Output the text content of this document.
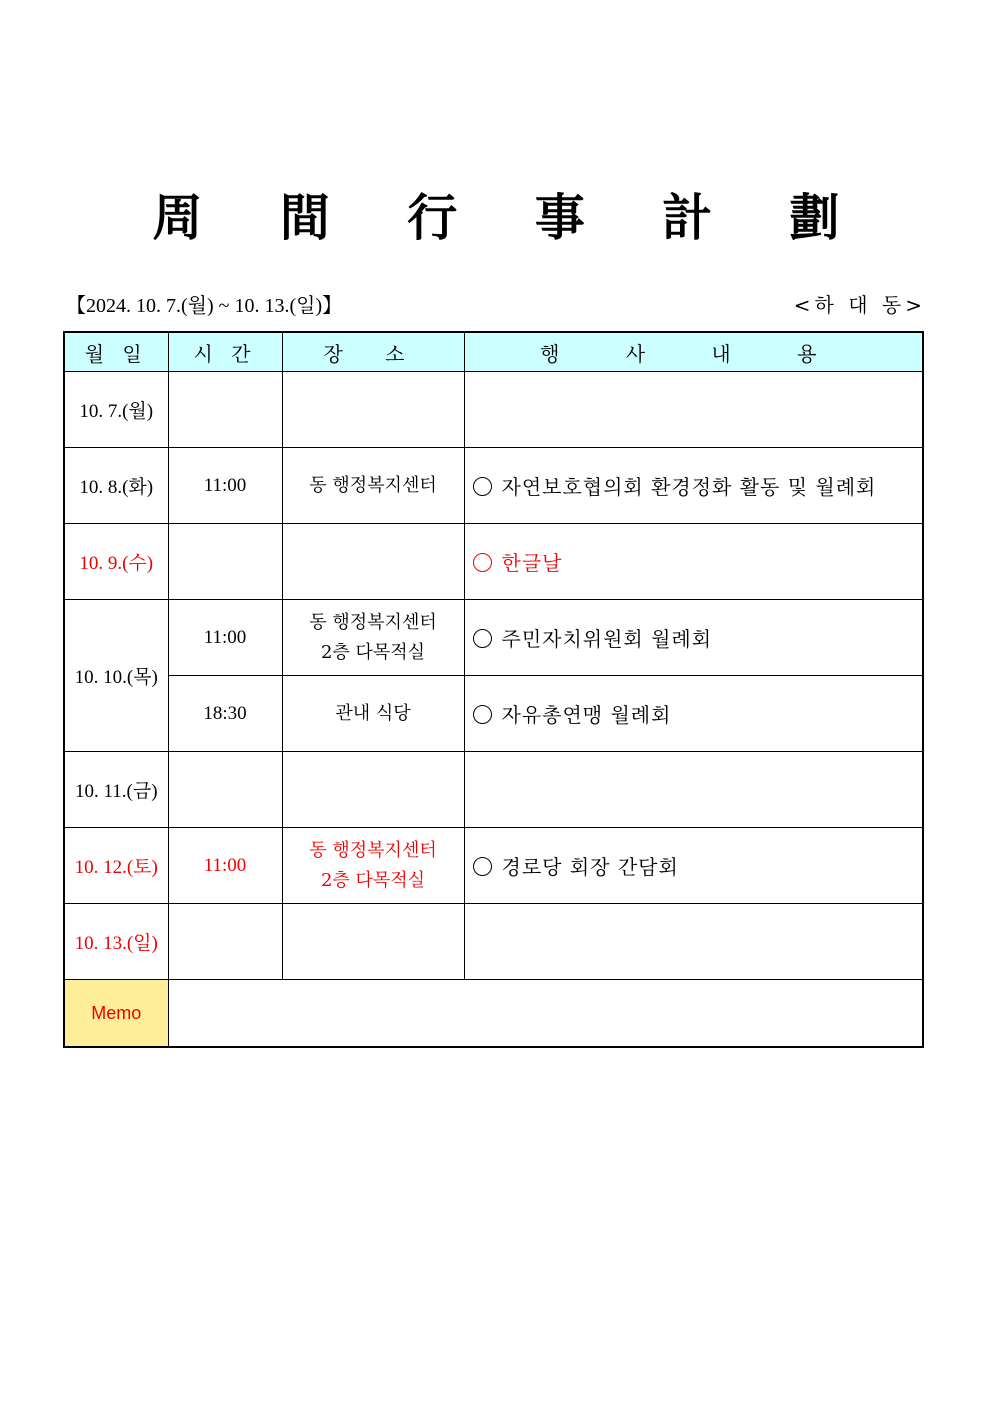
周 間 行 事 計 劃
【2024. 10. 7.(월) ~ 10. 13.(일)】	<하 대 동>
월 일	시 간	장 소	행 사 내 용
10. 7.(월)			
10. 8.(화)	11:00	동 행정복지센터	자연보호협의회 환경정화 활동 및 월례회
10. 9.(수)			한글날
10. 10.(목)	11:00	동 행정복지센터
2층 다목적실	주민자치위원회 월례회
	18:30	관내 식당	자유총연맹 월례회
10. 11.(금)			
10. 12.(토)	11:00	동 행정복지센터
2층 다목적실	경로당 회장 간담회
10. 13.(일)			
Memo			
